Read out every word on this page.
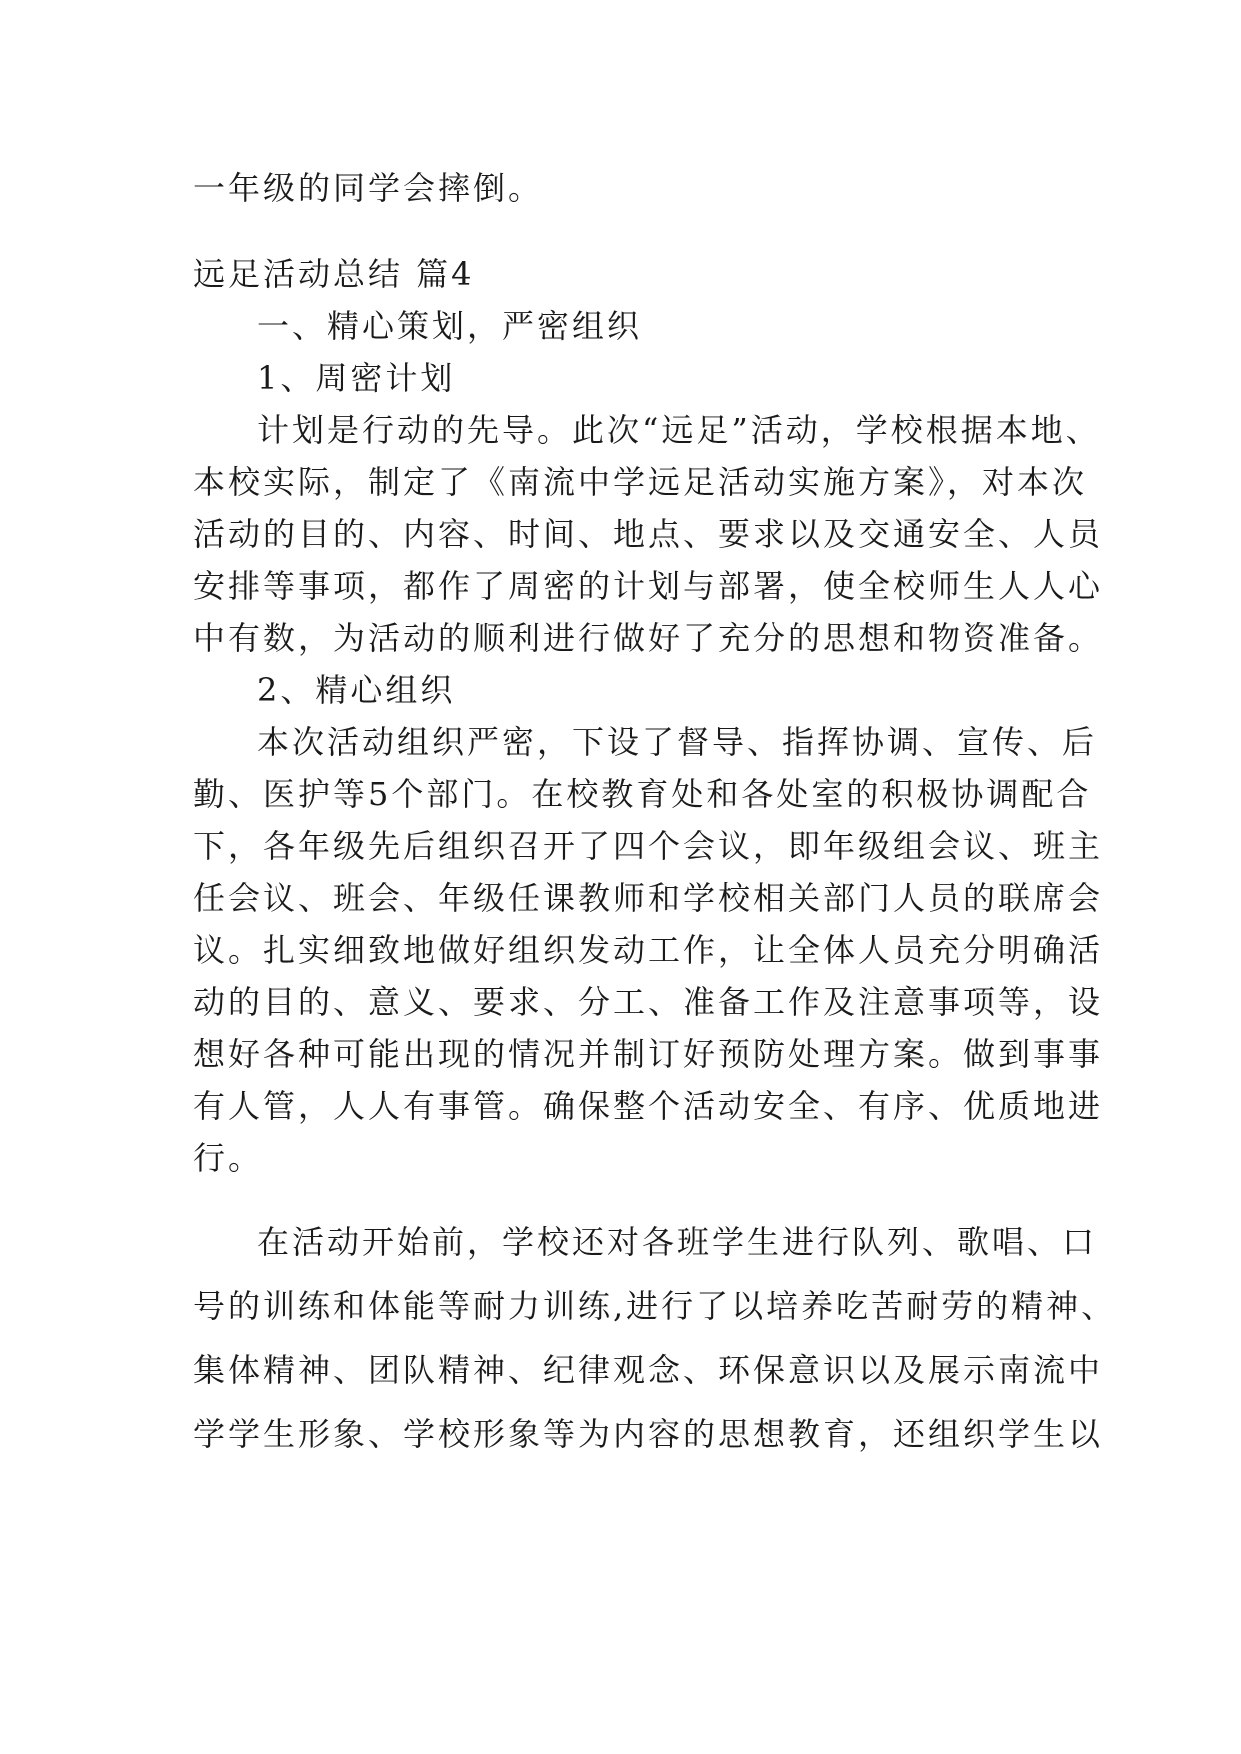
一年级的同学会摔倒。
远足活动总结 篇4
一、精心策划，严密组织
1、周密计划
计划是行动的先导。此次“远足”活动，学校根据本地、
本校实际，制定了《南流中学远足活动实施方案》，对本次
活动的目的、内容、时间、地点、要求以及交通安全、人员
安排等事项，都作了周密的计划与部署，使全校师生人人心
中有数，为活动的顺利进行做好了充分的思想和物资准备。
2、精心组织
本次活动组织严密，下设了督导、指挥协调、宣传、后
勤、医护等5个部门。在校教育处和各处室的积极协调配合
下，各年级先后组织召开了四个会议，即年级组会议、班主
任会议、班会、年级任课教师和学校相关部门人员的联席会
议。扎实细致地做好组织发动工作，让全体人员充分明确活
动的目的、意义、要求、分工、准备工作及注意事项等，设
想好各种可能出现的情况并制订好预防处理方案。做到事事
有人管，人人有事管。确保整个活动安全、有序、优质地进
行。
在活动开始前，学校还对各班学生进行队列、歌唱、口
号的训练和体能等耐力训练,进行了以培养吃苦耐劳的精神、
集体精神、团队精神、纪律观念、环保意识以及展示南流中
学学生形象、学校形象等为内容的思想教育，还组织学生以
